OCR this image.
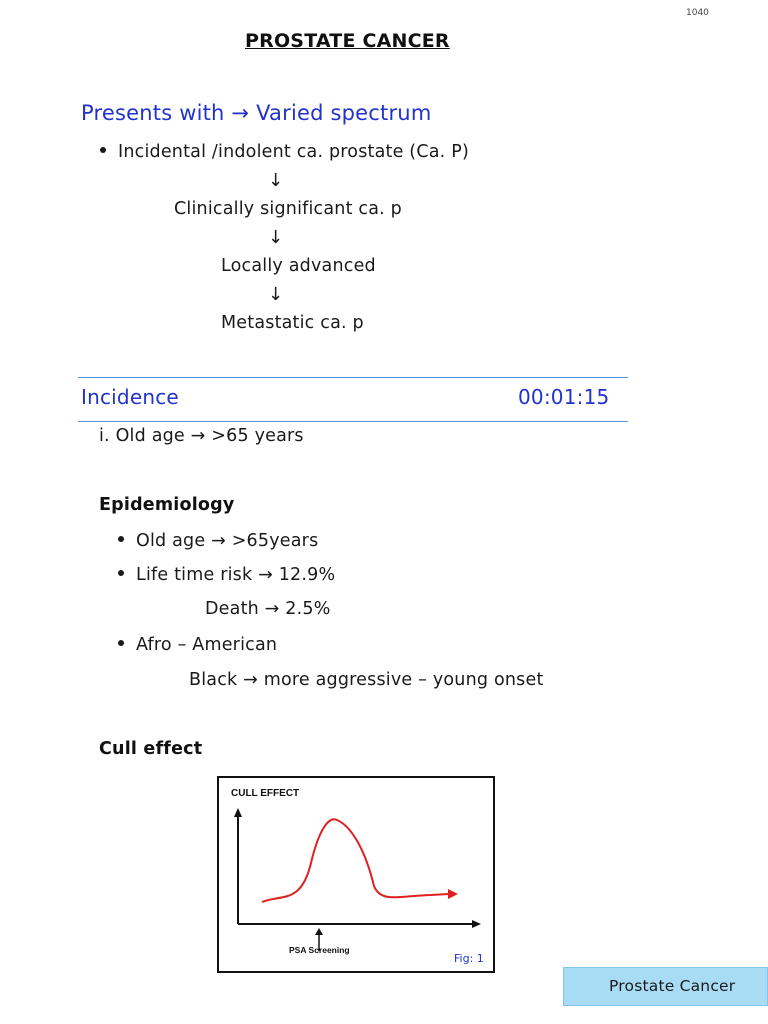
1040
PROSTATE CANCER
Presents with → Varied spectrum
Incidental /indolent ca. prostate (Ca. P)
↓
Clinically significant ca. p
↓
Locally advanced
↓
Metastatic ca. p
Incidence	00:01:15
i. Old age → >65 years
Epidemiology
Old age → >65years
Life time risk → 12.9%
Death → 2.5%
Afro – American
Black → more aggressive – young onset
Cull effect
CULL EFFECT
PSA Screening
Fig: 1
Prostate Cancer
